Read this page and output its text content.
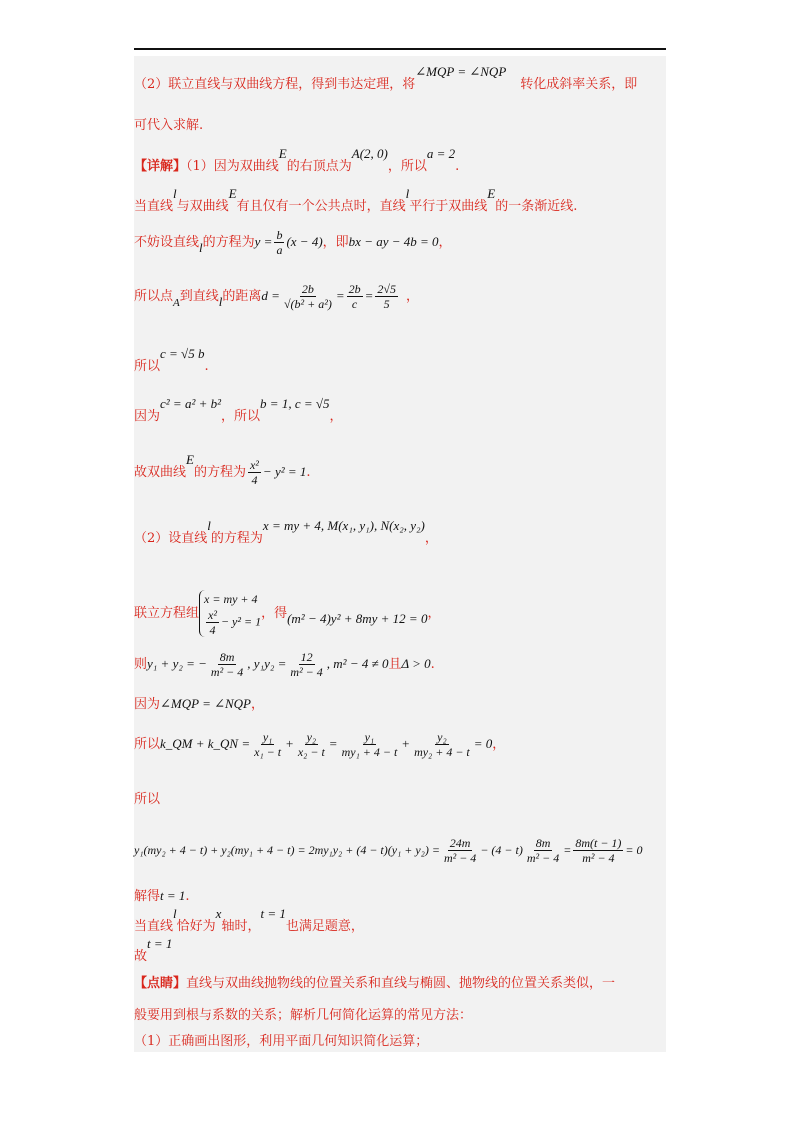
（2）联立直线与双曲线方程，得到韦达定理，将∠MQP = ∠NQP转化成斜率关系，即
可代入求解.
【详解】（1）因为双曲线E的右顶点为A(2, 0)，所以a = 2.
当直线l与双曲线E有且仅有一个公共点时，直线l平行于双曲线E的一条渐近线.
不妨设直线l的方程为$y = \frac{b}{a} (x - 4)$，即bx − ay − 4b = 0，
所以点$_A$到直线l的距离$d = \frac{2b}{\text{√(b² + a²)}} = \frac{2b}{c} = \frac{2√5}{5}$ ，
所以c = √5 b.
因为c² = a² + b²，所以b = 1, c = √5，
故双曲线E的方程为 $\frac{\text{x²}}{4} - y^2 = 1$.
（2）设直线l的方程为x = my + 4, M(x₁, y₁), N(x₂, y₂)，
联立方程组x = my + 4

$\frac{\text{x²}}{4} - y^2 = 1$，得(m² − 4)y² + 8my + 12 = 0，
则y₁ + y₂ = − $\frac{8m}{\text{m² − 4}}$ , $y_1y_2 = \frac{12}{\text{m² − 4}}$ , m² − 4 ≠ 0且Δ > 0.
因为∠MQP = ∠NQP，
所以k_QM + k_QN = $\frac{\text{y₁}}{\text{x₁ − t}} + \frac{\text{y₂}}{\text{x₂ − t}} = \frac{\text{y₁}}{\text{my₁ + 4 − t}} + \frac{\text{y₂}}{\text{my₂ + 4 − t}} = 0$，
所以
$y_1(my_2 + 4 - t) + y_2(my_1 + 4 - t) = 2my_1y_2 + (4 - t)(y_1 + y_2) = \frac{24m}{\text{m² − 4}} - (4 - t) \frac{8m}{\text{m² − 4}} = \frac{8m(t - 1)}{\text{m² − 4}} = 0$
解得t = 1.
当直线l恰好为x轴时，t = 1也满足题意，
故t = 1
【点睛】直线与双曲线抛物线的位置关系和直线与椭圆、抛物线的位置关系类似，一
般要用到根与系数的关系；解析几何简化运算的常见方法：
（1）正确画出图形，利用平面几何知识简化运算；
